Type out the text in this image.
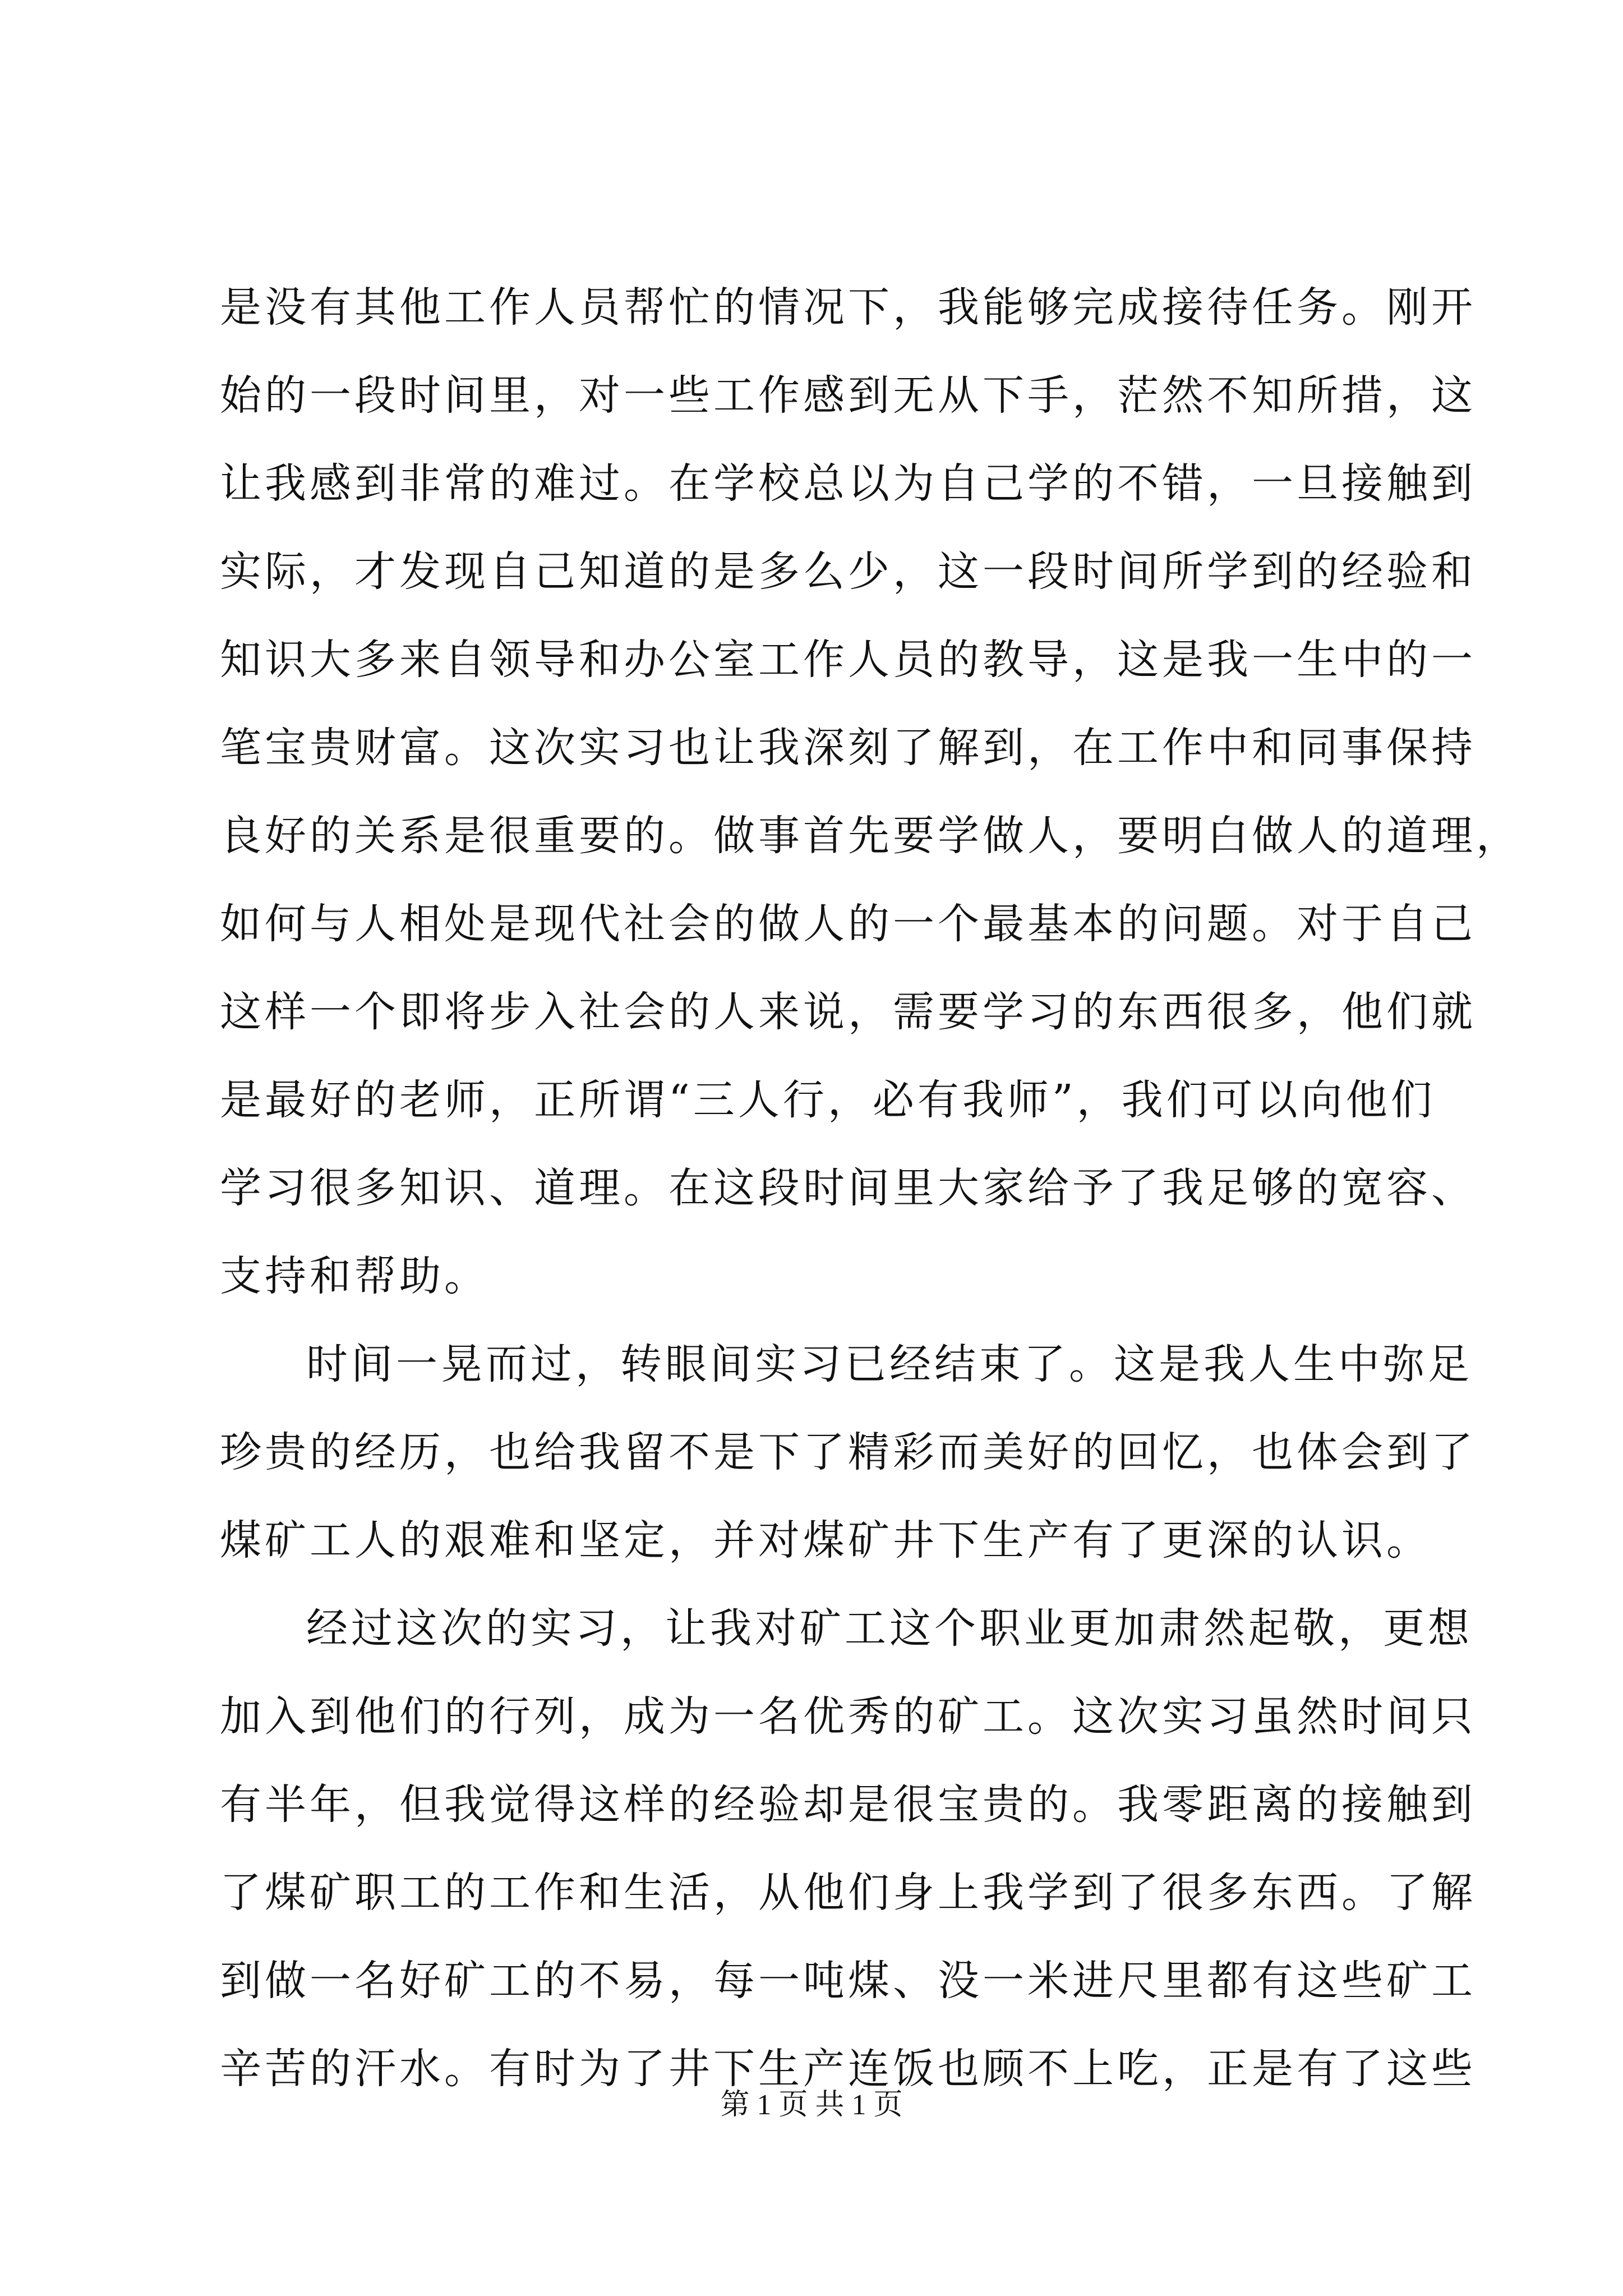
是没有其他工作人员帮忙的情况下，我能够完成接待任务。刚开
始的一段时间里，对一些工作感到无从下手，茫然不知所措，这
让我感到非常的难过。在学校总以为自己学的不错，一旦接触到
实际，才发现自己知道的是多么少，这一段时间所学到的经验和
知识大多来自领导和办公室工作人员的教导，这是我一生中的一
笔宝贵财富。这次实习也让我深刻了解到，在工作中和同事保持
良好的关系是很重要的。做事首先要学做人，要明白做人的道理，
如何与人相处是现代社会的做人的一个最基本的问题。对于自己
这样一个即将步入社会的人来说，需要学习的东西很多，他们就
是最好的老师，正所谓“三人行，必有我师”，我们可以向他们
学习很多知识、道理。在这段时间里大家给予了我足够的宽容、
支持和帮助。
时间一晃而过，转眼间实习已经结束了。这是我人生中弥足
珍贵的经历，也给我留不是下了精彩而美好的回忆，也体会到了
煤矿工人的艰难和坚定，并对煤矿井下生产有了更深的认识。
经过这次的实习，让我对矿工这个职业更加肃然起敬，更想
加入到他们的行列，成为一名优秀的矿工。这次实习虽然时间只
有半年，但我觉得这样的经验却是很宝贵的。我零距离的接触到
了煤矿职工的工作和生活，从他们身上我学到了很多东西。了解
到做一名好矿工的不易，每一吨煤、没一米进尺里都有这些矿工
辛苦的汗水。有时为了井下生产连饭也顾不上吃，正是有了这些
第 1 页 共 1 页
